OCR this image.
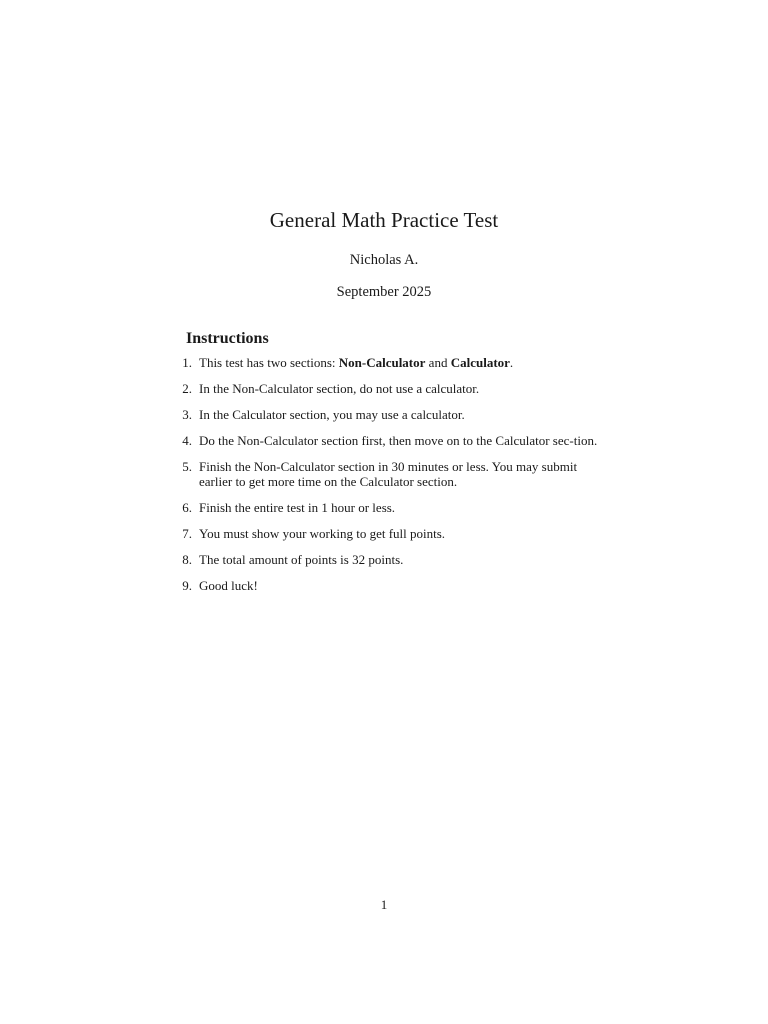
General Math Practice Test
Nicholas A.
September 2025
Instructions
1. This test has two sections: Non-Calculator and Calculator.
2. In the Non-Calculator section, do not use a calculator.
3. In the Calculator section, you may use a calculator.
4. Do the Non-Calculator section first, then move on to the Calculator sec-tion.
5. Finish the Non-Calculator section in 30 minutes or less. You may submit earlier to get more time on the Calculator section.
6. Finish the entire test in 1 hour or less.
7. You must show your working to get full points.
8. The total amount of points is 32 points.
9. Good luck!
1
